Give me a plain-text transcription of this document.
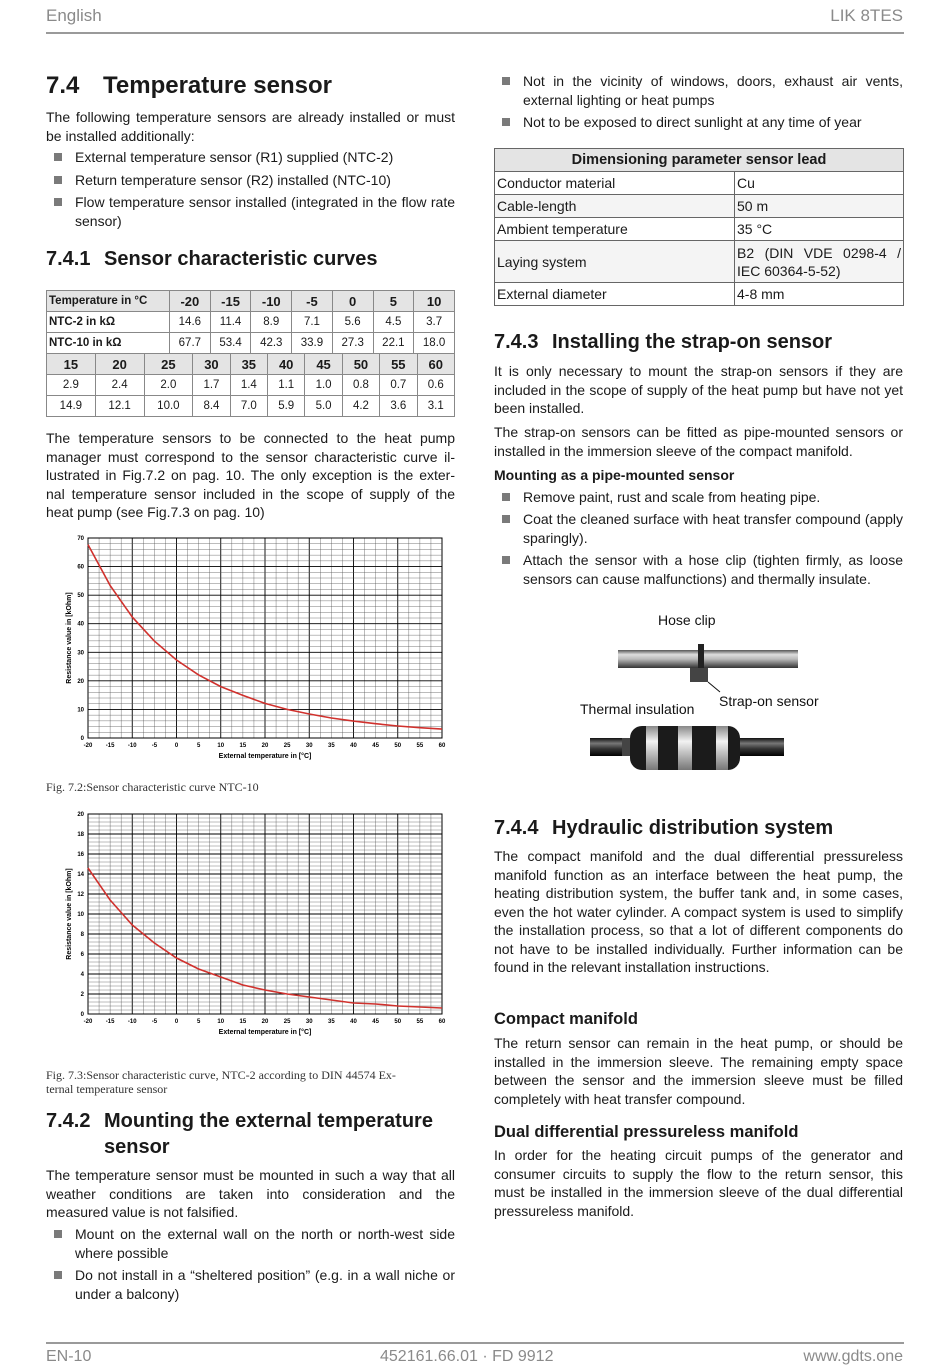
English	LIK 8TES
7.4 Temperature sensor
The following temperature sensors are already installed or must be installed additionally:
External temperature sensor (R1) supplied (NTC-2)
Return temperature sensor (R2) installed (NTC-10)
Flow temperature sensor installed (integrated in the flow rate sensor)
7.4.1 Sensor characteristic curves
Temperature in °C	-20	-15	-10	-5	0	5	10
NTC-2 in kΩ	14.6	11.4	8.9	7.1	5.6	4.5	3.7
NTC-10 in kΩ	67.7	53.4	42.3	33.9	27.3	22.1	18.0
15	20	25	30	35	40	45	50	55	60
2.9	2.4	2.0	1.7	1.4	1.1	1.0	0.8	0.7	0.6
14.9	12.1	10.0	8.4	7.0	5.9	5.0	4.2	3.6	3.1
The temperature sensors to be connected to the heat pump
manager must correspond to the sensor characteristic curve il-
lustrated in Fig.7.2 on pag. 10. The only exception is the exter-
nal temperature sensor included in the scope of supply of the
heat pump (see Fig.7.3 on pag. 10)
-20 -15 -10	-5	0	5	10	15	20	25	30	35	40	45	50	55	60
0
10
20
30
40
50
60
70
External temperature in [°C]
Resistance value in [kOhm]
Fig. 7.2:Sensor characteristic curve NTC-10
-20 -15 -10	-5	0	5	10	15	20	25	30	35	40	45	50	55	60
0
2
4
6
8
10
12
14
16
18
20
External temperature in [°C]
Resistance value in [kOhm]
Fig. 7.3:Sensor characteristic curve, NTC-2 according to DIN 44574 Ex-
ternal temperature sensor
7.4.2 Mounting the external temperature
sensor
The temperature sensor must be mounted in such a way that all weather conditions are taken into consideration and the measured value is not falsified.
Mount on the external wall on the north or north-west side where possible
Do not install in a “sheltered position” (e.g. in a wall niche or under a balcony)
Not in the vicinity of windows, doors, exhaust air vents, external lighting or heat pumps
Not to be exposed to direct sunlight at any time of year
Dimensioning parameter sensor lead	
Conductor material	Cu
Cable-length	50 m
Ambient temperature	35 °C
Laying system	B2 (DIN VDE 0298-4 /
IEC 60364-5-52)

External diameter	4-8 mm
7.4.3 Installing the strap-on sensor
It is only necessary to mount the strap-on sensors if they are included in the scope of supply of the heat pump but have not yet been installed.
The strap-on sensors can be fitted as pipe-mounted sensors or installed in the immersion sleeve of the compact manifold.
Mounting as a pipe-mounted sensor
Remove paint, rust and scale from heating pipe.
Coat the cleaned surface with heat transfer compound (apply sparingly).
Attach the sensor with a hose clip (tighten firmly, as loose sensors can cause malfunctions) and thermally insulate.
Hose clip
Strap-on sensor
Thermal insulation
7.4.4 Hydraulic distribution system
The compact manifold and the dual differential pressureless manifold function as an interface between the heat pump, the heating distribution system, the buffer tank and, in some cases, even the hot water cylinder. A compact system is used to simplify the installation process, so that a lot of different components do not have to be installed individually. Further information can be found in the relevant installation instructions.
Compact manifold
The return sensor can remain in the heat pump, or should be installed in the immersion sleeve. The remaining empty space between the sensor and the immersion sleeve must be filled completely with heat transfer compound.
Dual differential pressureless manifold
In order for the heating circuit pumps of the generator and consumer circuits to supply the flow to the return sensor, this must be installed in the immersion sleeve of the dual differential pressureless manifold.
EN-10	452161.66.01 · FD 9912	www.gdts.one
